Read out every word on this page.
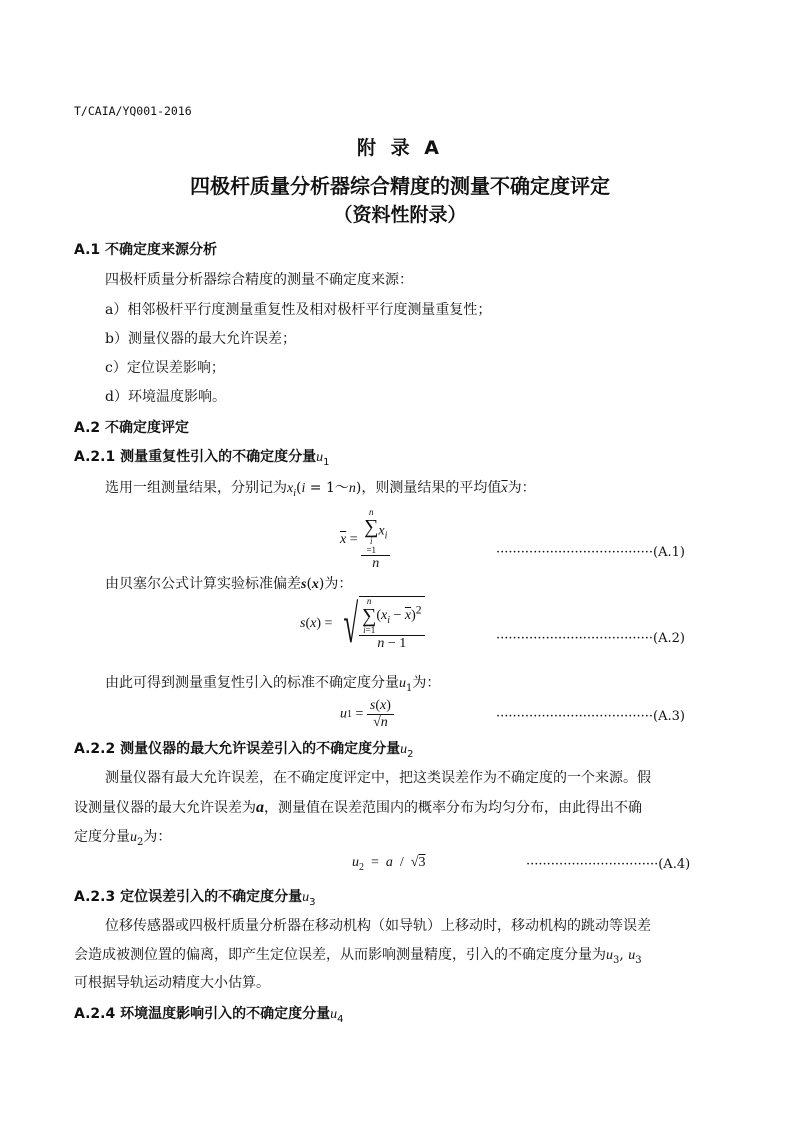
T/CAIA/YQ001-2016
附 录 A
四极杆质量分析器综合精度的测量不确定度评定
（资料性附录）
A.1 不确定度来源分析
四极杆质量分析器综合精度的测量不确定度来源：
a）相邻极杆平行度测量重复性及相对极杆平行度测量重复性；
b）测量仪器的最大允许误差；
c）定位误差影响；
d）环境温度影响。
A.2 不确定度评定
A.2.1 测量重复性引入的不确定度分量$u_1$
选用一组测量结果，分别记为$x_i(i$ = 1～n)，则测量结果的平均值$\overline{x}$为：
$\overline{x} = n$
∑
i
=1
$x_i$
n	······································(A.1)
由贝塞尔公式计算实验标准偏差s(x)为：
s(x) = √ n
∑
i=1
$(x_i - \overline{x})^2$
n − 1	······································(A.2)
由此可得到测量重复性引入的标准不确定度分量$u_1$为：
$u1 = \frac{s(x)}{√n}$	······································(A.3)
A.2.2 测量仪器的最大允许误差引入的不确定度分量$u_2$
测量仪器有最大允许误差，在不确定度评定中，把这类误差作为不确定度的一个来源。假
设测量仪器的最大允许误差为a，测量值在误差范围内的概率分布为均匀分布，由此得出不确
定度分量$u_2$为：
$u_2 = a / √3$	································(A.4)
A.2.3 定位误差引入的不确定度分量$u_3$
位移传感器或四极杆质量分析器在移动机构（如导轨）上移动时，移动机构的跳动等误差
会造成被测位置的偏离，即产生定位误差，从而影响测量精度，引入的不确定度分量为$u_3$, $u_3$
可根据导轨运动精度大小估算。
A.2.4 环境温度影响引入的不确定度分量$u_4$
